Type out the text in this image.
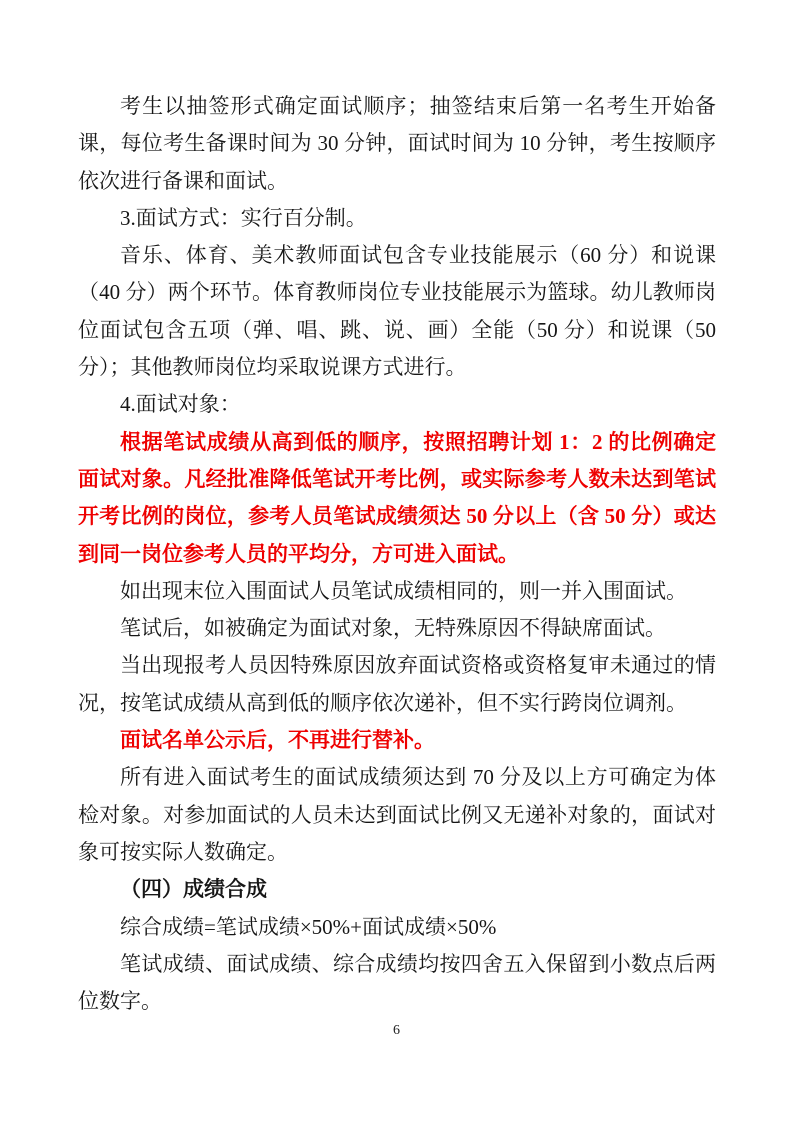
考生以抽签形式确定面试顺序；抽签结束后第一名考生开始备课，每位考生备课时间为 30 分钟，面试时间为 10 分钟，考生按顺序依次进行备课和面试。

3.面试方式：实行百分制。

音乐、体育、美术教师面试包含专业技能展示（60 分）和说课（40 分）两个环节。体育教师岗位专业技能展示为篮球。幼儿教师岗位面试包含五项（弹、唱、跳、说、画）全能（50 分）和说课（50 分）；其他教师岗位均采取说课方式进行。

4.面试对象：

根据笔试成绩从高到低的顺序，按照招聘计划 1：2 的比例确定面试对象。凡经批准降低笔试开考比例，或实际参考人数未达到笔试开考比例的岗位，参考人员笔试成绩须达 50 分以上（含 50 分）或达到同一岗位参考人员的平均分，方可进入面试。

如出现末位入围面试人员笔试成绩相同的，则一并入围面试。

笔试后，如被确定为面试对象，无特殊原因不得缺席面试。

当出现报考人员因特殊原因放弃面试资格或资格复审未通过的情况，按笔试成绩从高到低的顺序依次递补，但不实行跨岗位调剂。

面试名单公示后，不再进行替补。

所有进入面试考生的面试成绩须达到 70 分及以上方可确定为体检对象。对参加面试的人员未达到面试比例又无递补对象的，面试对象可按实际人数确定。

（四）成绩合成

综合成绩=笔试成绩×50%+面试成绩×50%

笔试成绩、面试成绩、综合成绩均按四舍五入保留到小数点后两位数字。

6
